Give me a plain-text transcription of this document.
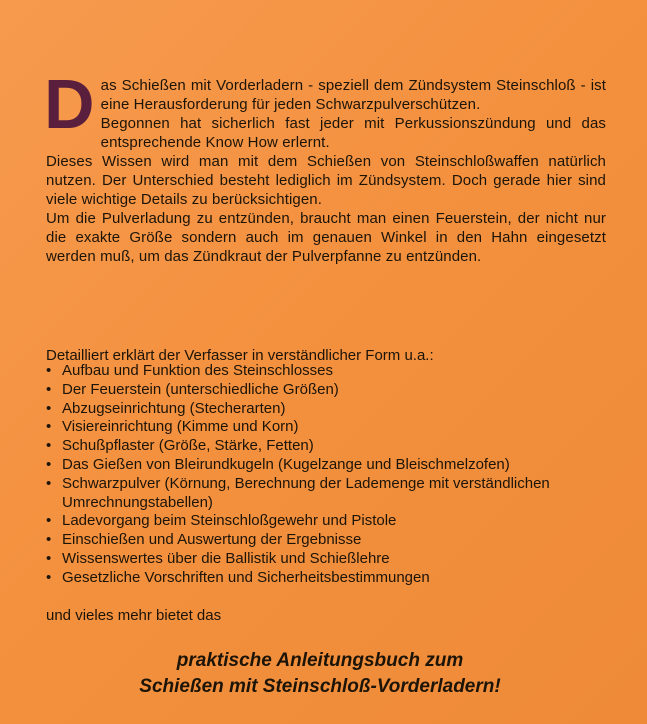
Das Schießen mit Vorderladern - speziell dem Zündsystem Steinschloß - ist eine Herausforderung für jeden Schwarzpulverschützen.

Begonnen hat sicherlich fast jeder mit Perkussionszündung und das entsprechende Know How erlernt.

Dieses Wissen wird man mit dem Schießen von Steinschloßwaffen natürlich nutzen. Der Unterschied besteht lediglich im Zündsystem. Doch gerade hier sind viele wichtige Details zu berücksichtigen.

Um die Pulverladung zu entzünden, braucht man einen Feuerstein, der nicht nur die exakte Größe sondern auch im genauen Winkel in den Hahn eingesetzt werden muß, um das Zündkraut der Pulverpfanne zu entzünden.

Detailliert erklärt der Verfasser in verständlicher Form u.a.:
• Aufbau und Funktion des Steinschlosses
• Der Feuerstein (unterschiedliche Größen)
• Abzugseinrichtung (Stecherarten)
• Visiereinrichtung (Kimme und Korn)
• Schußpflaster (Größe, Stärke, Fetten)
• Das Gießen von Bleirundkugeln (Kugelzange und Bleischmelzofen)
• Schwarzpulver (Körnung, Berechnung der Lademenge mit verständlichen Umrechnungstabellen)
• Ladevorgang beim Steinschloßgewehr und Pistole
• Einschießen und Auswertung der Ergebnisse
• Wissenswertes über die Ballistik und Schießlehre
• Gesetzliche Vorschriften und Sicherheitsbestimmungen
und vieles mehr bietet das
praktische Anleitungsbuch zum
Schießen mit Steinschloß-Vorderladern!
